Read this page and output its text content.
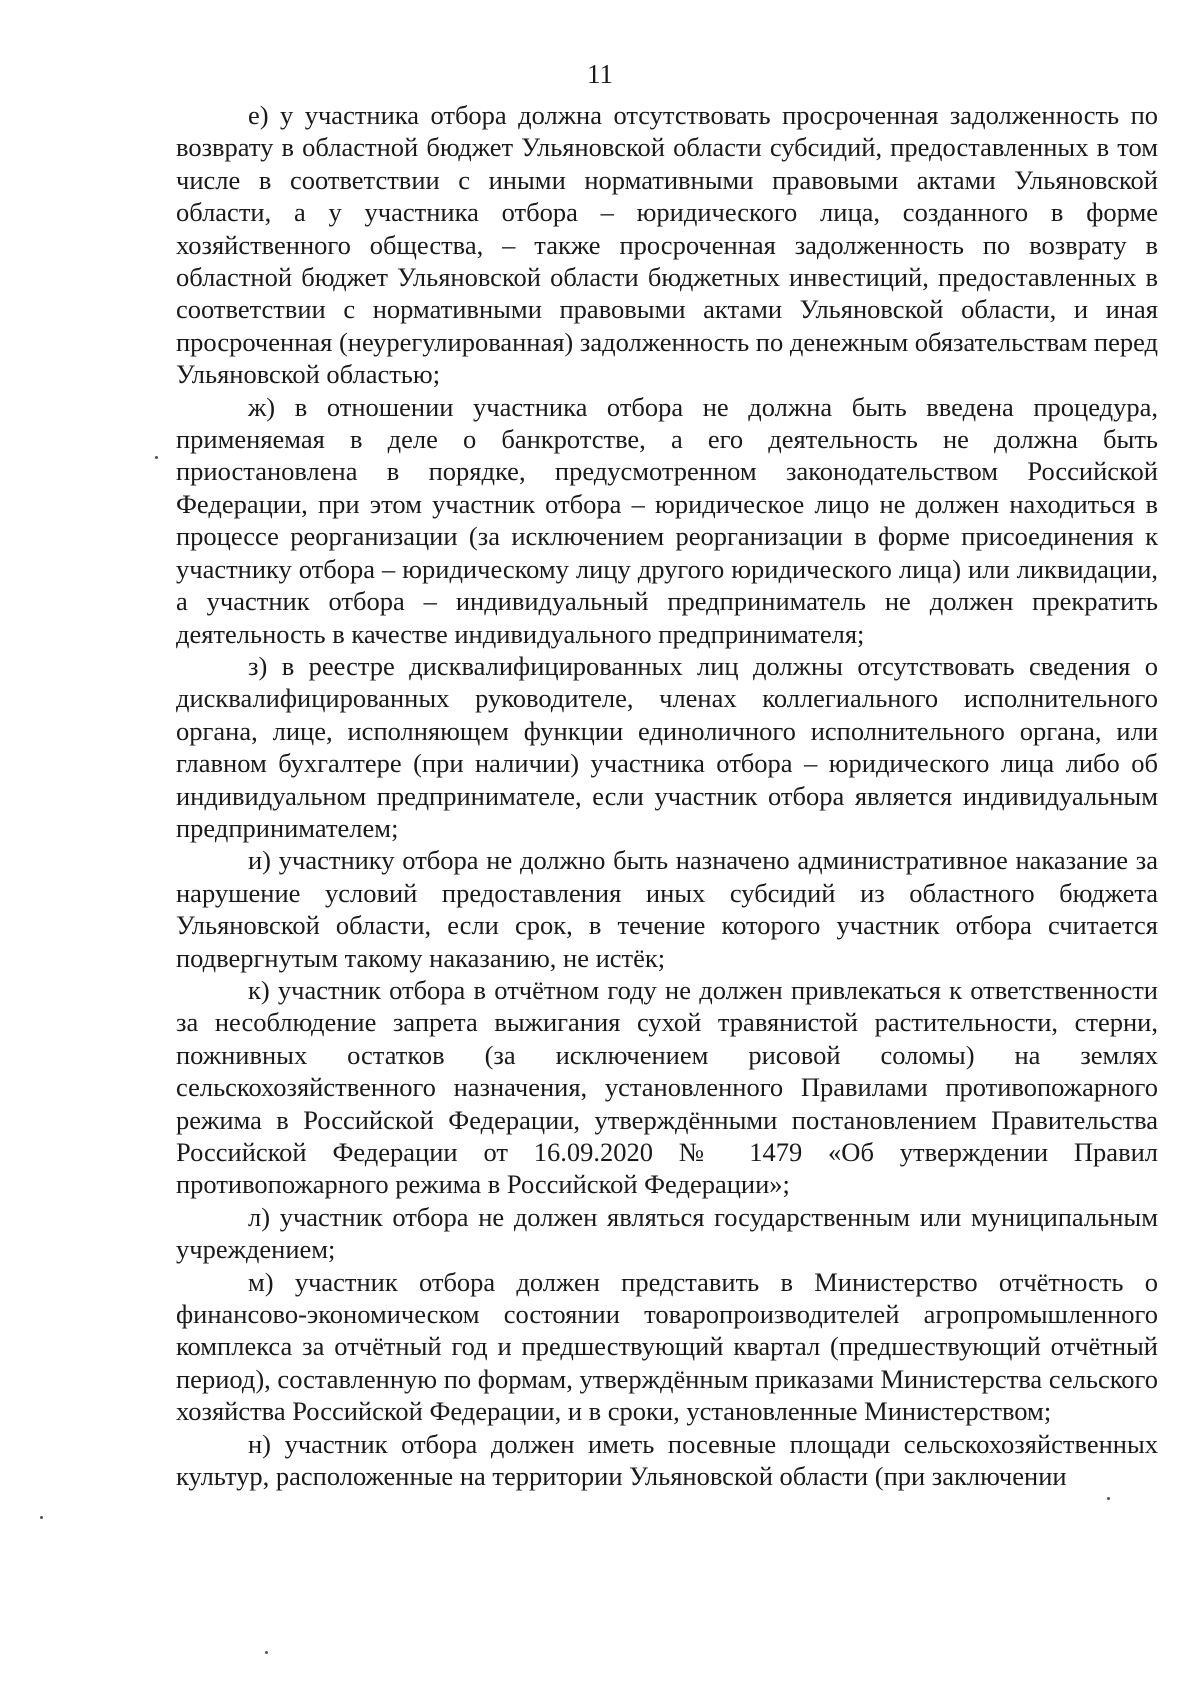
11

е) у участника отбора должна отсутствовать просроченная задолженность по возврату в областной бюджет Ульяновской области субсидий, предоставленных в том числе в соответствии с иными нормативными правовыми актами Ульяновской области, а у участника отбора – юридического лица, созданного в форме хозяйственного общества, – также просроченная задолженность по возврату в областной бюджет Ульяновской области бюджетных инвестиций, предоставленных в соответствии с нормативными правовыми актами Ульяновской области, и иная просроченная (неурегулированная) задолженность по денежным обязательствам перед Ульяновской областью;

ж) в отношении участника отбора не должна быть введена процедура, применяемая в деле о банкротстве, а его деятельность не должна быть приостановлена в порядке, предусмотренном законодательством Российской Федерации, при этом участник отбора – юридическое лицо не должен находиться в процессе реорганизации (за исключением реорганизации в форме присоединения к участнику отбора – юридическому лицу другого юридического лица) или ликвидации, а участник отбора – индивидуальный предприниматель не должен прекратить деятельность в качестве индивидуального предпринимателя;

з) в реестре дисквалифицированных лиц должны отсутствовать сведения о дисквалифицированных руководителе, членах коллегиального исполнительного органа, лице, исполняющем функции единоличного исполнительного органа, или главном бухгалтере (при наличии) участника отбора – юридического лица либо об индивидуальном предпринимателе, если участник отбора является индивидуальным предпринимателем;

и) участнику отбора не должно быть назначено административное наказание за нарушение условий предоставления иных субсидий из областного бюджета Ульяновской области, если срок, в течение которого участник отбора считается подвергнутым такому наказанию, не истёк;

к) участник отбора в отчётном году не должен привлекаться к ответственности за несоблюдение запрета выжигания сухой травянистой растительности, стерни, пожнивных остатков (за исключением рисовой соломы) на землях сельскохозяйственного назначения, установленного Правилами противопожарного режима в Российской Федерации, утверждёнными постановлением Правительства Российской Федерации от 16.09.2020 № 1479 «Об утверждении Правил противопожарного режима в Российской Федерации»;

л) участник отбора не должен являться государственным или муниципальным учреждением;

м) участник отбора должен представить в Министерство отчётность о финансово-экономическом состоянии товаропроизводителей агропромышленного комплекса за отчётный год и предшествующий квартал (предшествующий отчётный период), составленную по формам, утверждённым приказами Министерства сельского хозяйства Российской Федерации, и в сроки, установленные Министерством;

н) участник отбора должен иметь посевные площади сельскохозяйственных культур, расположенные на территории Ульяновской области (при заключении
